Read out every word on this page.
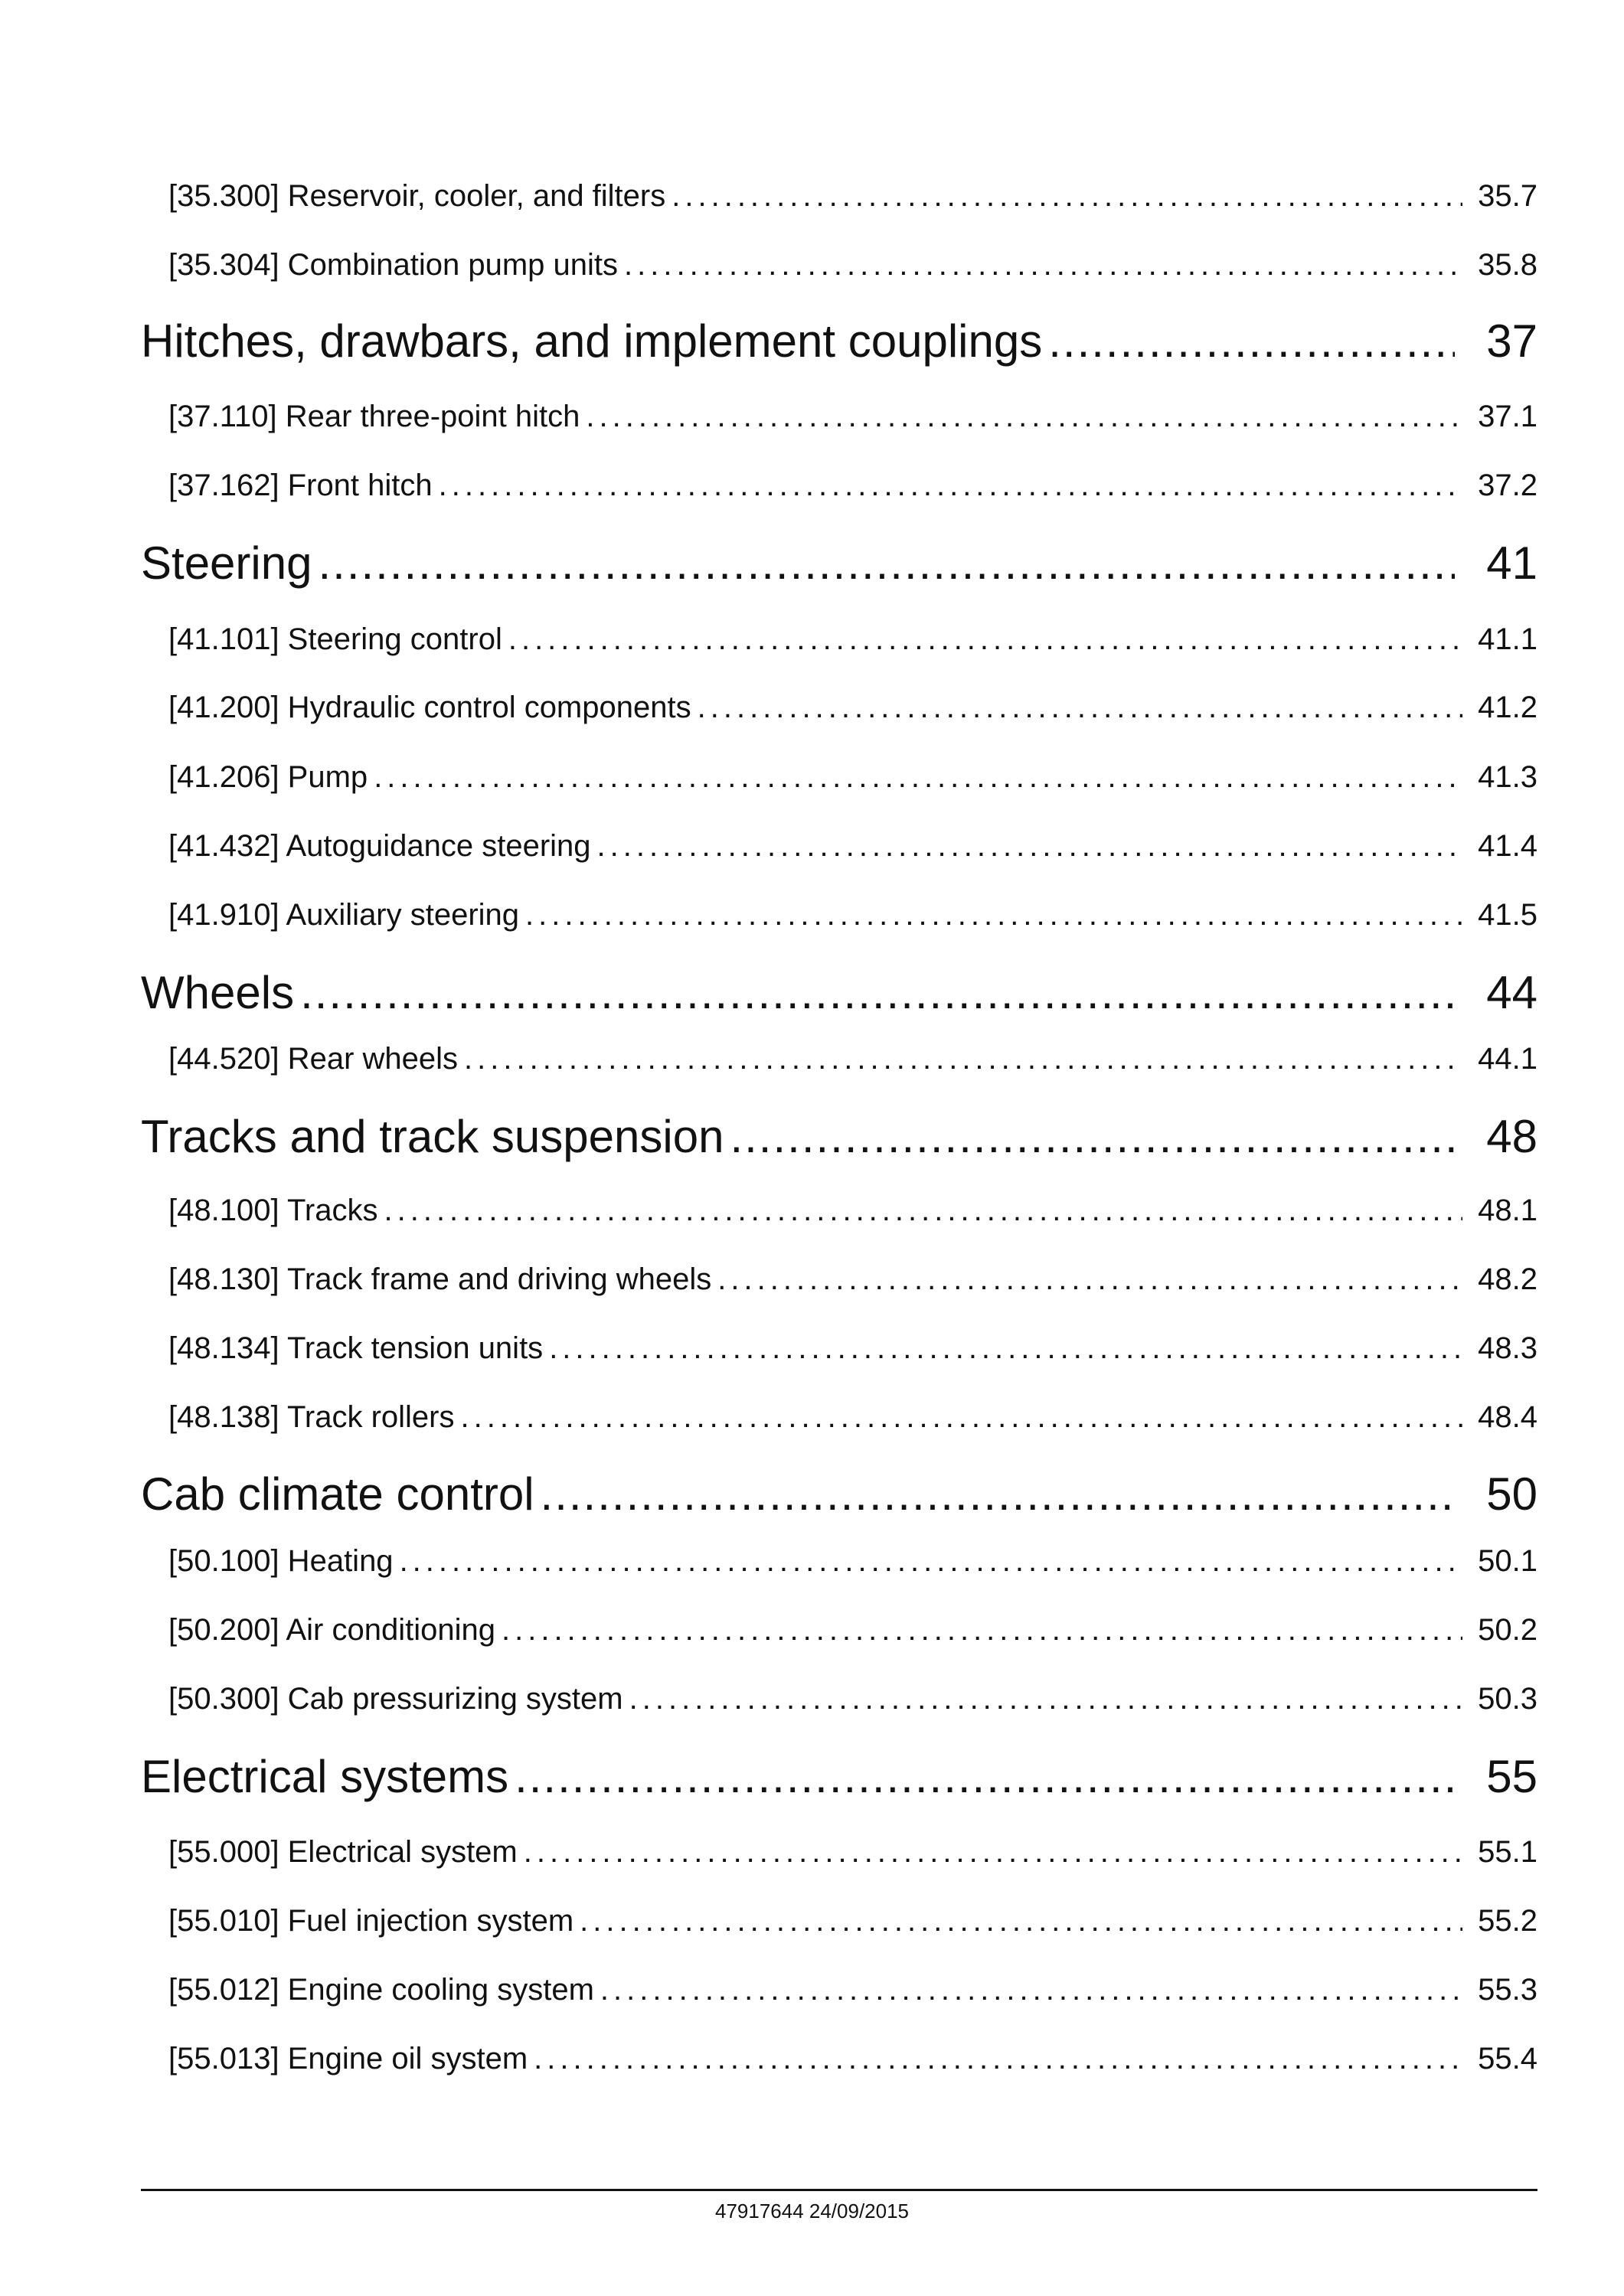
[35.300] Reservoir, cooler, and filters .....	35.7
[35.304] Combination pump units .....	35.8
Hitches, drawbars, and implement couplings .....	37
[37.110] Rear three-point hitch .....	37.1
[37.162] Front hitch .....	37.2
Steering .....	41
[41.101] Steering control .....	41.1
[41.200] Hydraulic control components .....	41.2
[41.206] Pump .....	41.3
[41.432] Autoguidance steering .....	41.4
[41.910] Auxiliary steering .....	41.5
Wheels .....	44
[44.520] Rear wheels .....	44.1
Tracks and track suspension .....	48
[48.100] Tracks .....	48.1
[48.130] Track frame and driving wheels .....	48.2
[48.134] Track tension units .....	48.3
[48.138] Track rollers .....	48.4
Cab climate control .....	50
[50.100] Heating .....	50.1
[50.200] Air conditioning .....	50.2
[50.300] Cab pressurizing system .....	50.3
Electrical systems .....	55
[55.000] Electrical system .....	55.1
[55.010] Fuel injection system .....	55.2
[55.012] Engine cooling system .....	55.3
[55.013] Engine oil system .....	55.4
47917644 24/09/2015
